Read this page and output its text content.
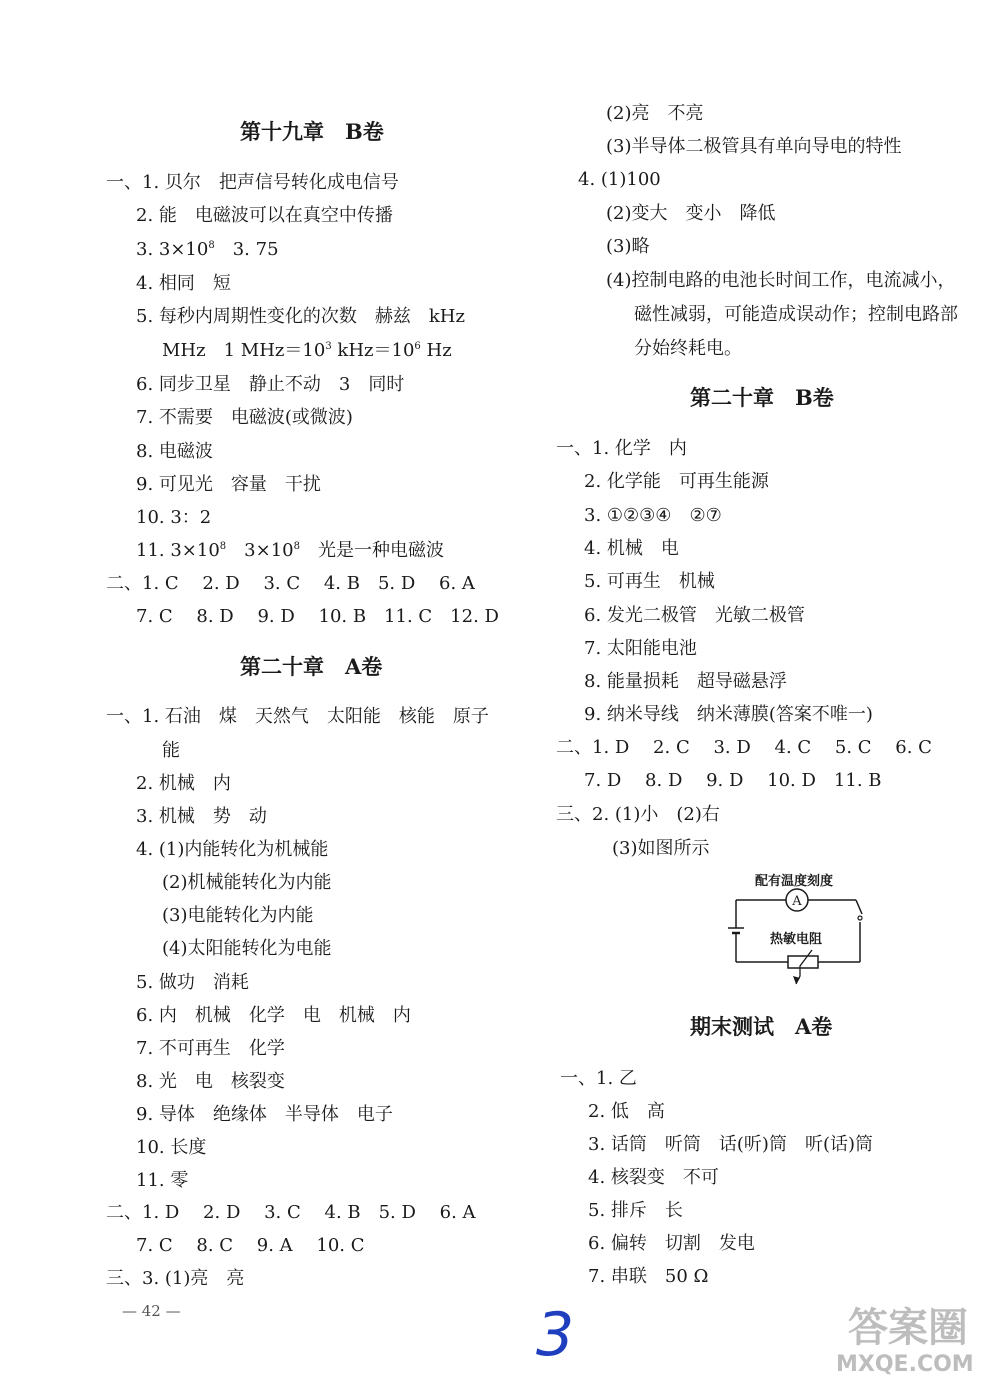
第十九章　B卷
一、1. 贝尔　把声信号转化成电信号
2. 能　电磁波可以在真空中传播
3. $3\times 10^8$　3. 75
4. 相同　短
5. 每秒内周期性变化的次数　赫兹　kHz
MHz　1 $MHz=10^3$ $kHz=10^6$ Hz
6. 同步卫星　静止不动　3　同时
7. 不需要　电磁波(或微波)
8. 电磁波
9. 可见光　容量　干扰
10. 3：2
11. $3\times 10^8$　$3\times 10^8$　光是一种电磁波
二、1. C　 2. D　 3. C　 4. B　5. D　 6. A
7. C　 8. D　 9. D　 10. B　11. C　12. D
第二十章　A卷
一、1. 石油　煤　天然气　太阳能　核能　原子
能
2. 机械　内
3. 机械　势　动
4. (1)内能转化为机械能
(2)机械能转化为内能
(3)电能转化为内能
(4)太阳能转化为电能
5. 做功　消耗
6. 内　机械　化学　电　机械　内
7. 不可再生　化学
8. 光　电　核裂变
9. 导体　绝缘体　半导体　电子
10. 长度
11. 零
二、1. D　 2. D　 3. C　 4. B　5. D　 6. A
7. C　 8. C　 9. A　 10. C
三、3. (1)亮　亮
— 42 —
(2)亮　不亮
(3)半导体二极管具有单向导电的特性
4. (1)100
(2)变大　变小　降低
(3)略
(4)控制电路的电池长时间工作，电流减小，
磁性减弱，可能造成误动作；控制电路部
分始终耗电。
第二十章　B卷
一、1. 化学　内
2. 化学能　可再生能源
3. ①②③④　②⑦
4. 机械　电
5. 可再生　机械
6. 发光二极管　光敏二极管
7. 太阳能电池
8. 能量损耗　超导磁悬浮
9. 纳米导线　纳米薄膜(答案不唯一)
二、1. D　 2. C　 3. D　 4. C　 5. C　 6. C
7. D　 8. D　 9. D　 10. D　11. B
三、2. (1)小　(2)右
(3)如图所示
配有温度刻度
A
热敏电阻
期末测试　A卷
一、1. 乙
2. 低　高
3. 话筒　听筒　话(听)筒　听(话)筒
4. 核裂变　不可
5. 排斥　长
6. 偏转　切割　发电
7. 串联　50 Ω
3	答案圈
MXQE.COM
